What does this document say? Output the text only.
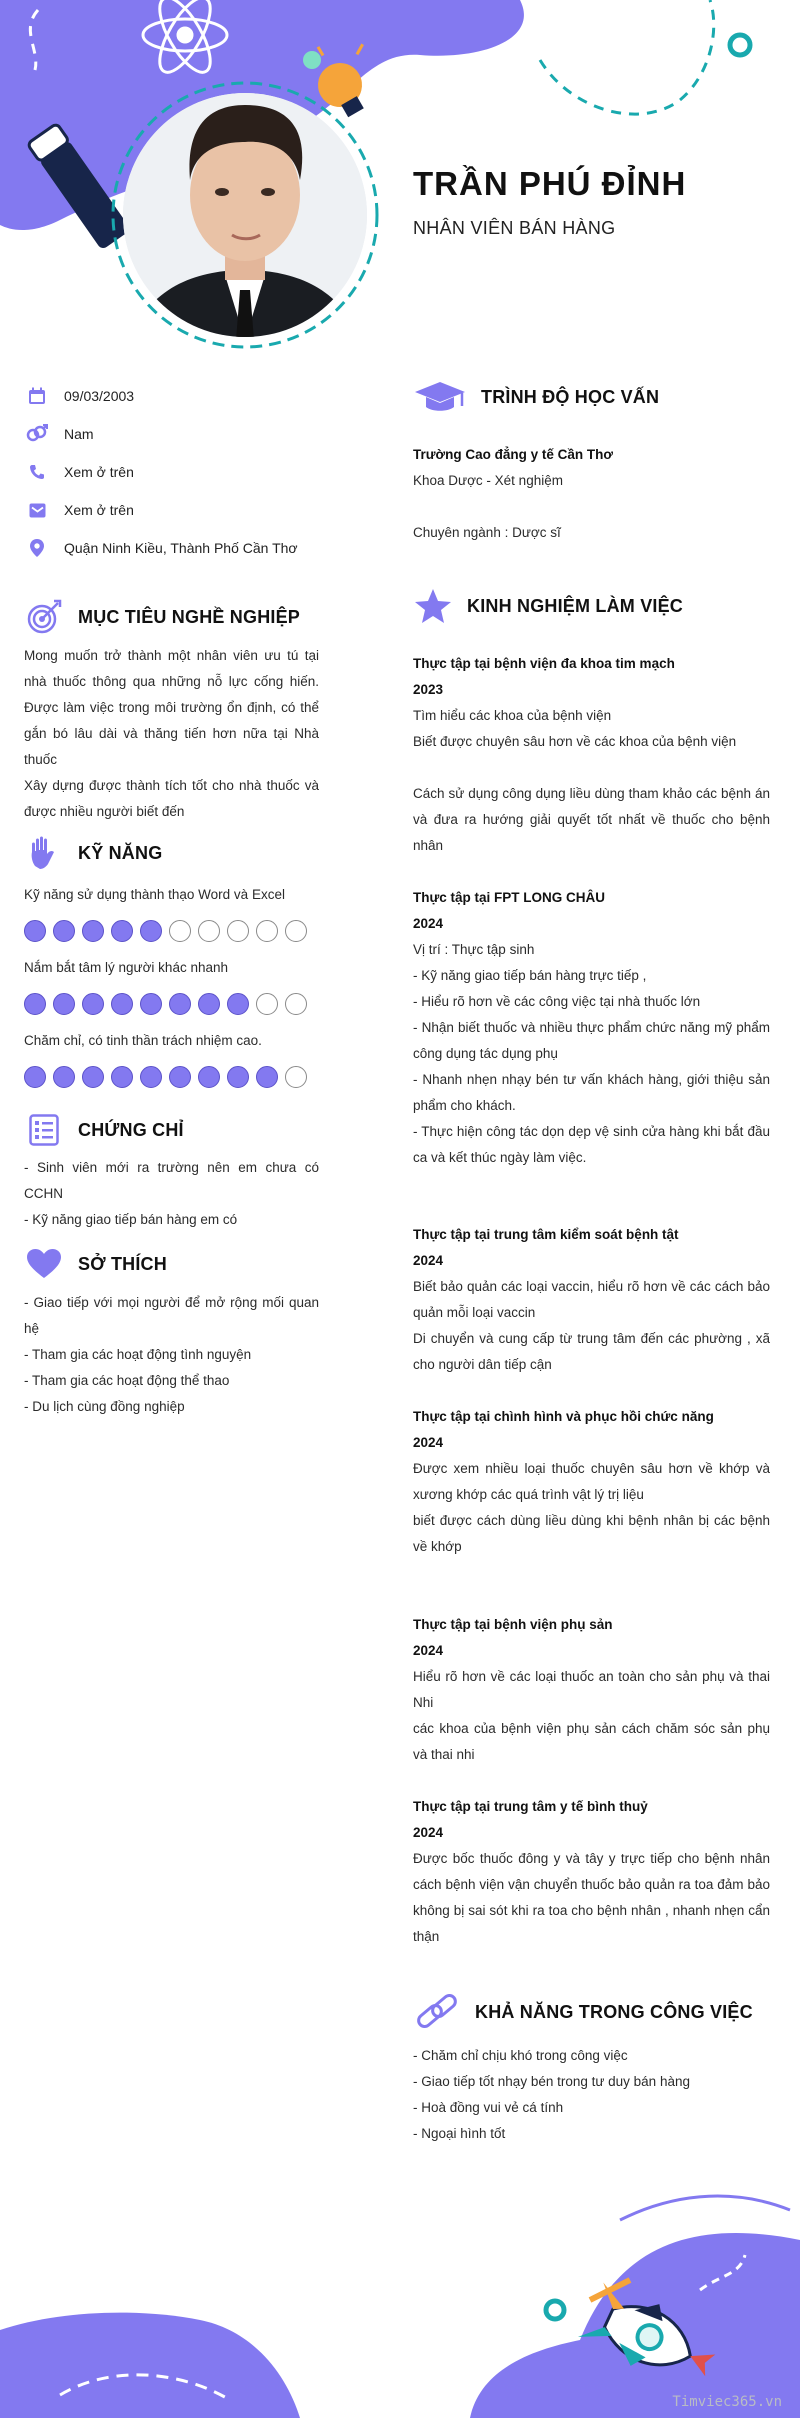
TRẦN PHÚ ĐỈNH
NHÂN VIÊN BÁN HÀNG
09/03/2003
Nam
Xem ở trên
Xem ở trên
Quận Ninh Kiều, Thành Phố Cần Thơ
MỤC TIÊU NGHỀ NGHIỆP

Mong muốn trở thành một nhân viên ưu tú tại nhà thuốc thông qua những nỗ lực cống hiến. Được làm việc trong môi trường ổn định, có thể gắn bó lâu dài và thăng tiến hơn nữa tại Nhà thuốc

Xây dựng được thành tích tốt cho nhà thuốc và được nhiều người biết đến

KỸ NĂNG
Kỹ năng sử dụng thành thạo Word và Excel
Nắm bắt tâm lý người khác nhanh
Chăm chỉ, có tinh thần trách nhiệm cao.
CHỨNG CHỈ

- Sinh viên mới ra trường nên em chưa có CCHN

- Kỹ năng giao tiếp bán hàng em có

SỞ THÍCH

- Giao tiếp với mọi người để mở rộng mối quan hệ

- Tham gia các hoạt động tình nguyện

- Tham gia các hoạt động thể thao

- Du lịch cùng đồng nghiệp

TRÌNH ĐỘ HỌC VẤN

Trường Cao đẳng y tế Cần Thơ

Khoa Dược - Xét nghiệm

Chuyên ngành : Dược sĩ

KINH NGHIỆM LÀM VIỆC

Thực tập tại bệnh viện đa khoa tim mạch

2023

Tìm hiểu các khoa của bệnh viện

Biết được chuyên sâu hơn về các khoa của bệnh viện

Cách sử dụng công dụng liều dùng tham khảo các bệnh án và đưa ra hướng giải quyết tốt nhất về thuốc cho bệnh nhân

Thực tập tại FPT LONG CHÂU

2024

Vị trí : Thực tập sinh

- Kỹ năng giao tiếp bán hàng trực tiếp ,

- Hiểu rõ hơn về các công việc tại nhà thuốc lớn

- Nhận biết thuốc và nhiều thực phẩm chức năng mỹ phẩm công dụng tác dụng phụ

- Nhanh nhẹn nhạy bén tư vấn khách hàng, giới thiệu sản phẩm cho khách.

- Thực hiện công tác dọn dẹp vệ sinh cửa hàng khi bắt đầu ca và kết thúc ngày làm việc.

Thực tập tại trung tâm kiểm soát bệnh tật

2024

Biết bảo quản các loại vaccin, hiểu rõ hơn về các cách bảo quản mỗi loại vaccin

Di chuyển và cung cấp từ trung tâm đến các phường , xã cho người dân tiếp cận

Thực tập tại chình hình và phục hồi chức năng

2024

Được xem nhiều loại thuốc chuyên sâu hơn về khớp và xương khớp các quá trình vật lý trị liệu

biết được cách dùng liều dùng khi bệnh nhân bị các bệnh về khớp

Thực tập tại bệnh viện phụ sản

2024

Hiểu rõ hơn về các loại thuốc an toàn cho sản phụ và thai Nhi

các khoa của bệnh viện phụ sản cách chăm sóc sản phụ và thai nhi

Thực tập tại trung tâm y tế bình thuỷ

2024

Được bốc thuốc đông y và tây y trực tiếp cho bệnh nhân cách bệnh viện vận chuyển thuốc bảo quản ra toa đảm bảo không bị sai sót khi ra toa cho bệnh nhân , nhanh nhẹn cẩn thận

KHẢ NĂNG TRONG CÔNG VIỆC

- Chăm chỉ chịu khó trong công việc

- Giao tiếp tốt nhạy bén trong tư duy bán hàng

- Hoà đồng vui vẻ cá tính

- Ngoại hình tốt

Timviec365.vn
